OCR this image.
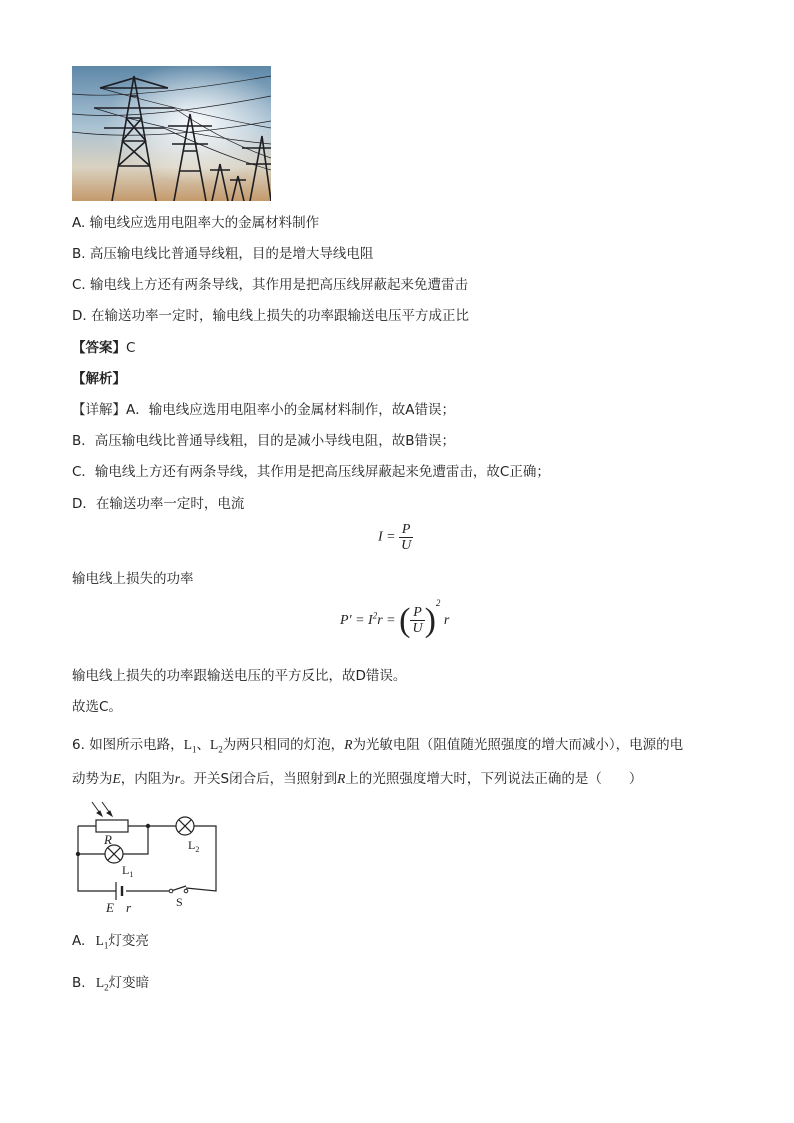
A. 输电线应选用电阻率大的金属材料制作
B. 高压输电线比普通导线粗，目的是增大导线电阻
C. 输电线上方还有两条导线，其作用是把高压线屏蔽起来免遭雷击
D. 在输送功率一定时，输电线上损失的功率跟输送电压平方成正比
【答案】C
【解析】
【详解】A．输电线应选用电阻率小的金属材料制作，故A错误；
B．高压输电线比普通导线粗，目的是减小导线电阻，故B错误；
C．输电线上方还有两条导线，其作用是把高压线屏蔽起来免遭雷击，故C正确；
D．在输送功率一定时，电流
$I = \frac{P}{U}$
输电线上损失的功率
$P' = I^2r$ = ( $\frac{P}{U} )^2$ r
输电线上损失的功率跟输送电压的平方反比，故D错误。
故选C。
6. 如图所示电路，$L_1$、$L_2$为两只相同的灯泡，R为光敏电阻（阻值随光照强度的增大而减小），电源的电
动势为E，内阻为r。开关S闭合后，当照射到R上的光照强度增大时，下列说法正确的是（　　）
R
$L_1$
$L_2$
E r	S
A. $L_1$灯变亮
B. $L_2$灯变暗
